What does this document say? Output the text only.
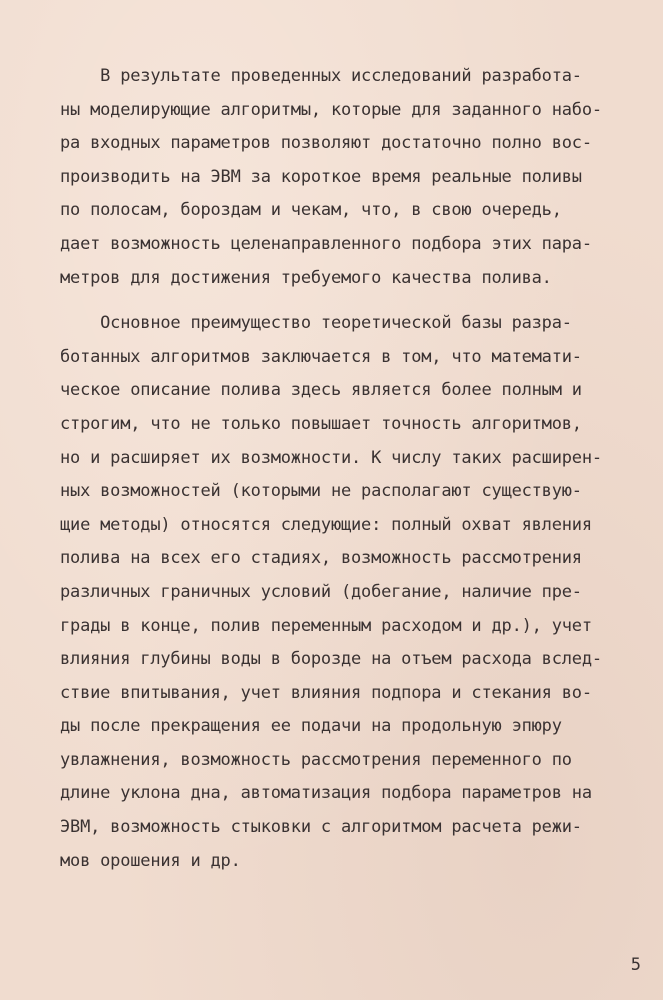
В результате проведенных исследований разработа-
ны моделирующие алгоритмы, которые для заданного набо-
ра входных параметров позволяют достаточно полно вос-
производить на ЭВМ за короткое время реальные поливы
по полосам, бороздам и чекам, что, в свою очередь,
дает возможность целенаправленного подбора этих пара-
метров для достижения требуемого качества полива.
Основное преимущество теоретической базы разра-
ботанных алгоритмов заключается в том, что математи-
ческое описание полива здесь является более полным и
строгим, что не только повышает точность алгоритмов,
но и расширяет их возможности. К числу таких расширен-
ных возможностей (которыми не располагают существую-
щие методы) относятся следующие: полный охват явления
полива на всех его стадиях, возможность рассмотрения
различных граничных условий (добегание, наличие пре-
грады в конце, полив переменным расходом и др.), учет
влияния глубины воды в борозде на отъем расхода вслед-
ствие впитывания, учет влияния подпора и стекания во-
ды после прекращения ее подачи на продольную эпюру
увлажнения, возможность рассмотрения переменного по
длине уклона дна, автоматизация подбора параметров на
ЭВМ, возможность стыковки с алгоритмом расчета режи-
мов орошения и др.
5
